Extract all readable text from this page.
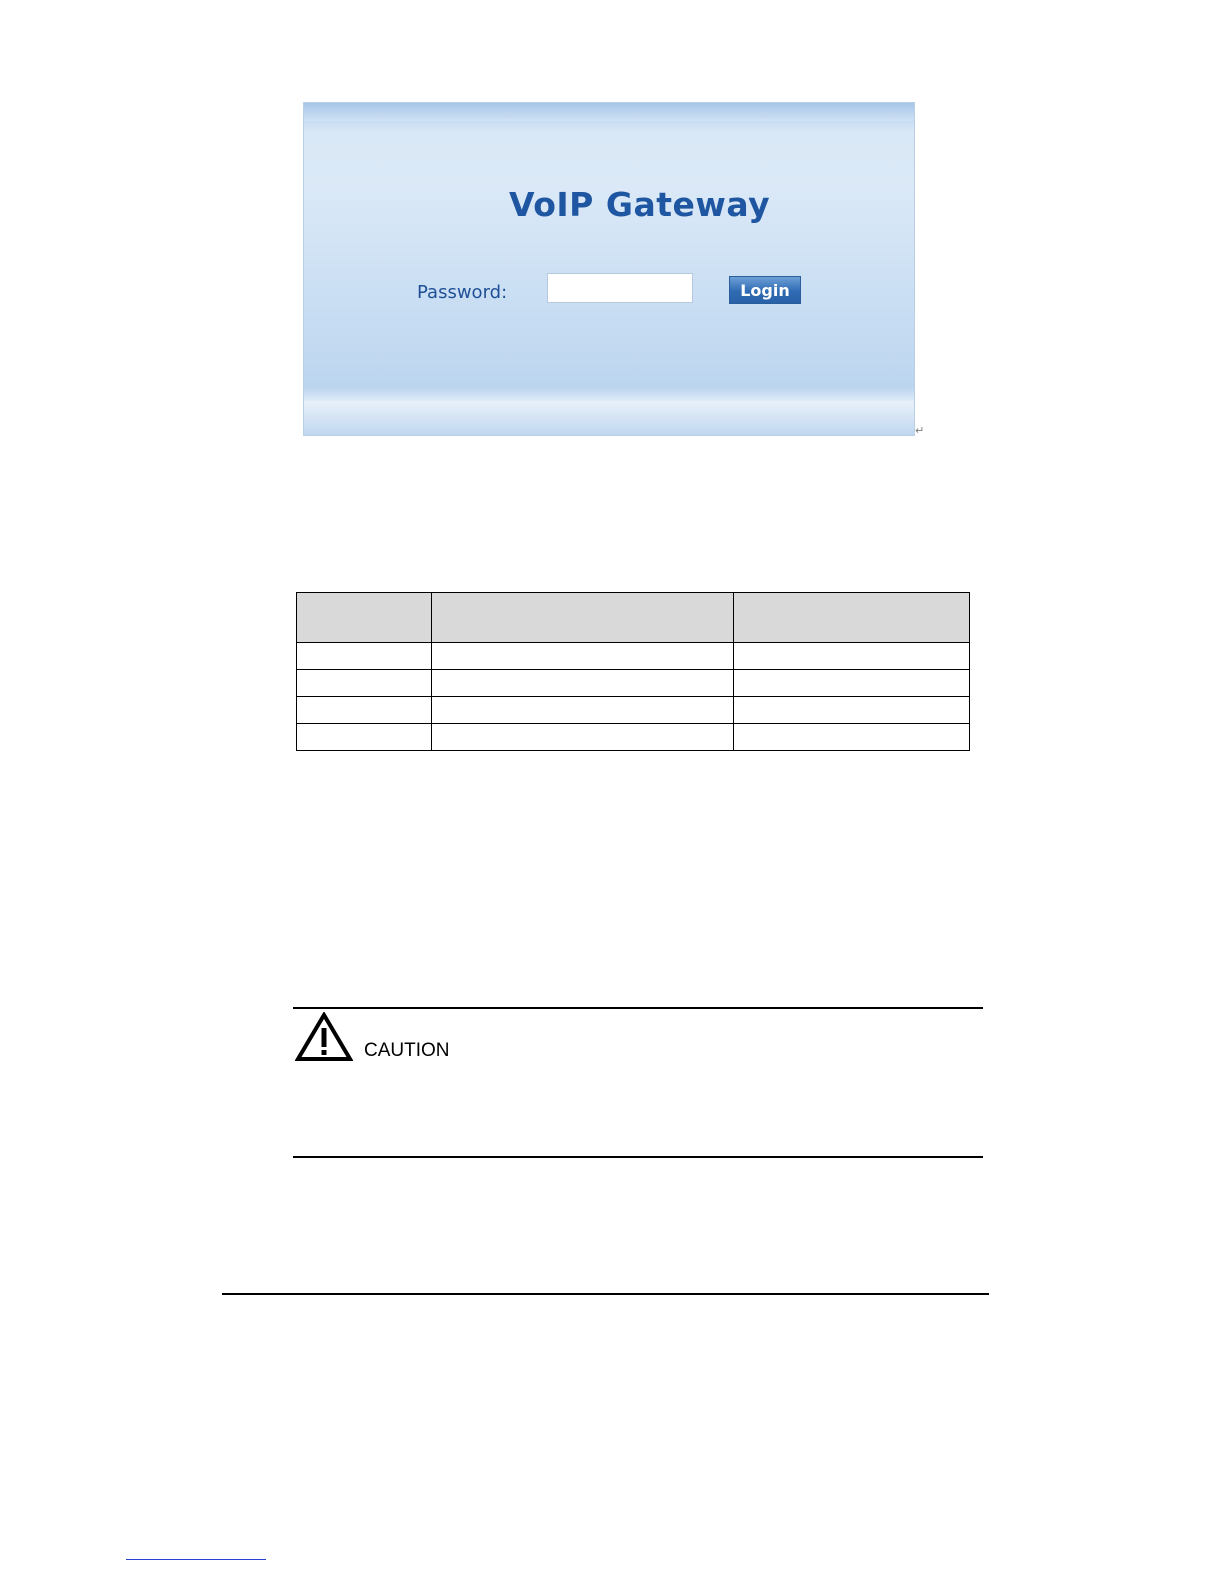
VoIP Gateway
Password:	Login
↵

CAUTION
